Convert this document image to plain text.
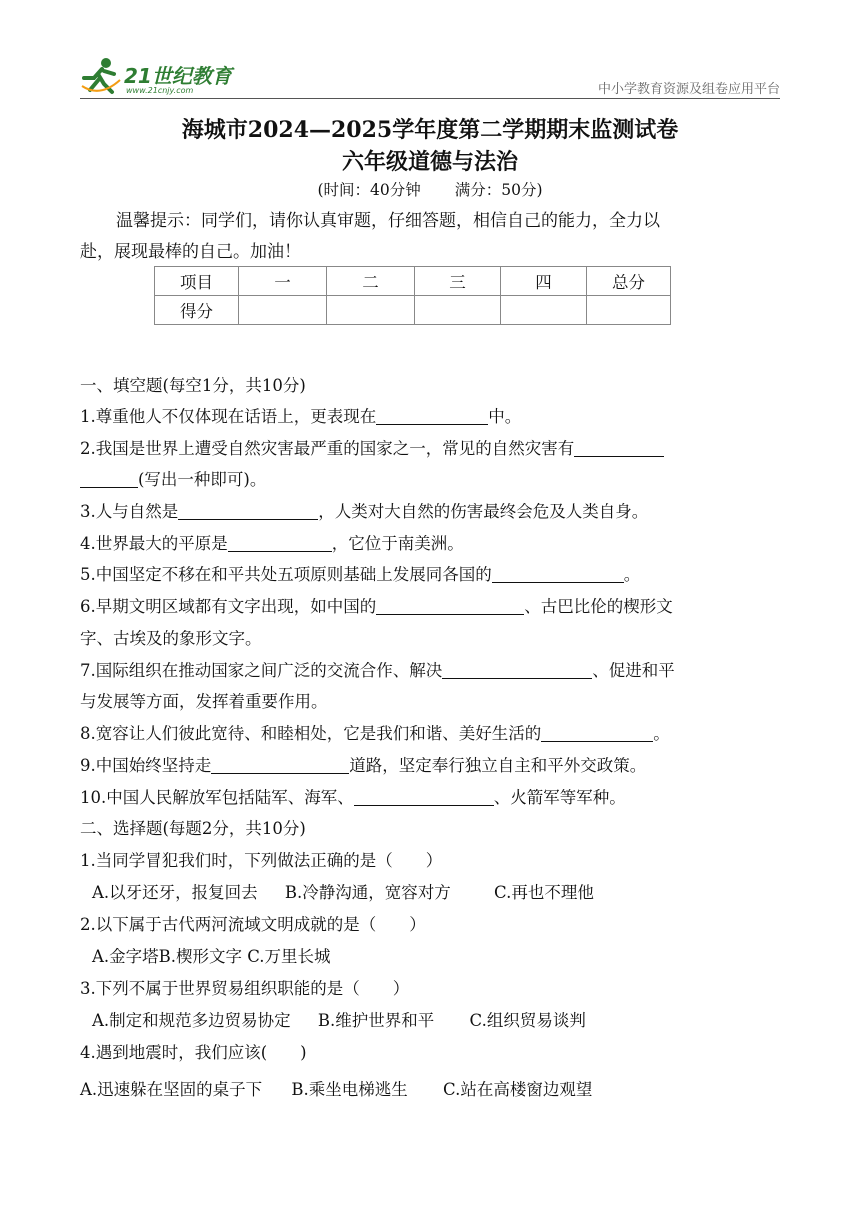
21世纪教育
www.21cnjy.com	中小学教育资源及组卷应用平台
海城市2024—2025学年度第二学期期末监测试卷
六年级道德与法治
(时间：40分钟 满分：50分)
温馨提示：同学们，请你认真审题，仔细答题，相信自己的能力，全力以
赴，展现最棒的自己。加油！
项目	一	二	三	四	总分
得分					
一、填空题(每空1分，共10分)
1.尊重他人不仅体现在话语上，更表现在	中。
2.我国是世界上遭受自然灾害最严重的国家之一，常见的自然灾害有
(写出一种即可)。
3.人与自然是	，人类对大自然的伤害最终会危及人类自身。
4.世界最大的平原是	，它位于南美洲。
5.中国坚定不移在和平共处五项原则基础上发展同各国的	。
6.早期文明区域都有文字出现，如中国的	、古巴比伦的楔形文
字、古埃及的象形文字。
7.国际组织在推动国家之间广泛的交流合作、解决	、促进和平
与发展等方面，发挥着重要作用。
8.宽容让人们彼此宽待、和睦相处，它是我们和谐、美好生活的	。
9.中国始终坚持走	道路，坚定奉行独立自主和平外交政策。
10.中国人民解放军包括陆军、海军、	、火箭军等军种。
二、选择题(每题2分，共10分)
1.当同学冒犯我们时，下列做法正确的是（　　）
A.以牙还牙，报复回去 B.冷静沟通，宽容对方	C.再也不理他
2.以下属于古代两河流域文明成就的是（　　）
A.金字塔B.楔形文字 C.万里长城
3.下列不属于世界贸易组织职能的是（　　）
A.制定和规范多边贸易协定 B.维护世界和平 C.组织贸易谈判
4.遇到地震时，我们应该(　　)
A.迅速躲在坚固的桌子下 B.乘坐电梯逃生 C.站在高楼窗边观望
